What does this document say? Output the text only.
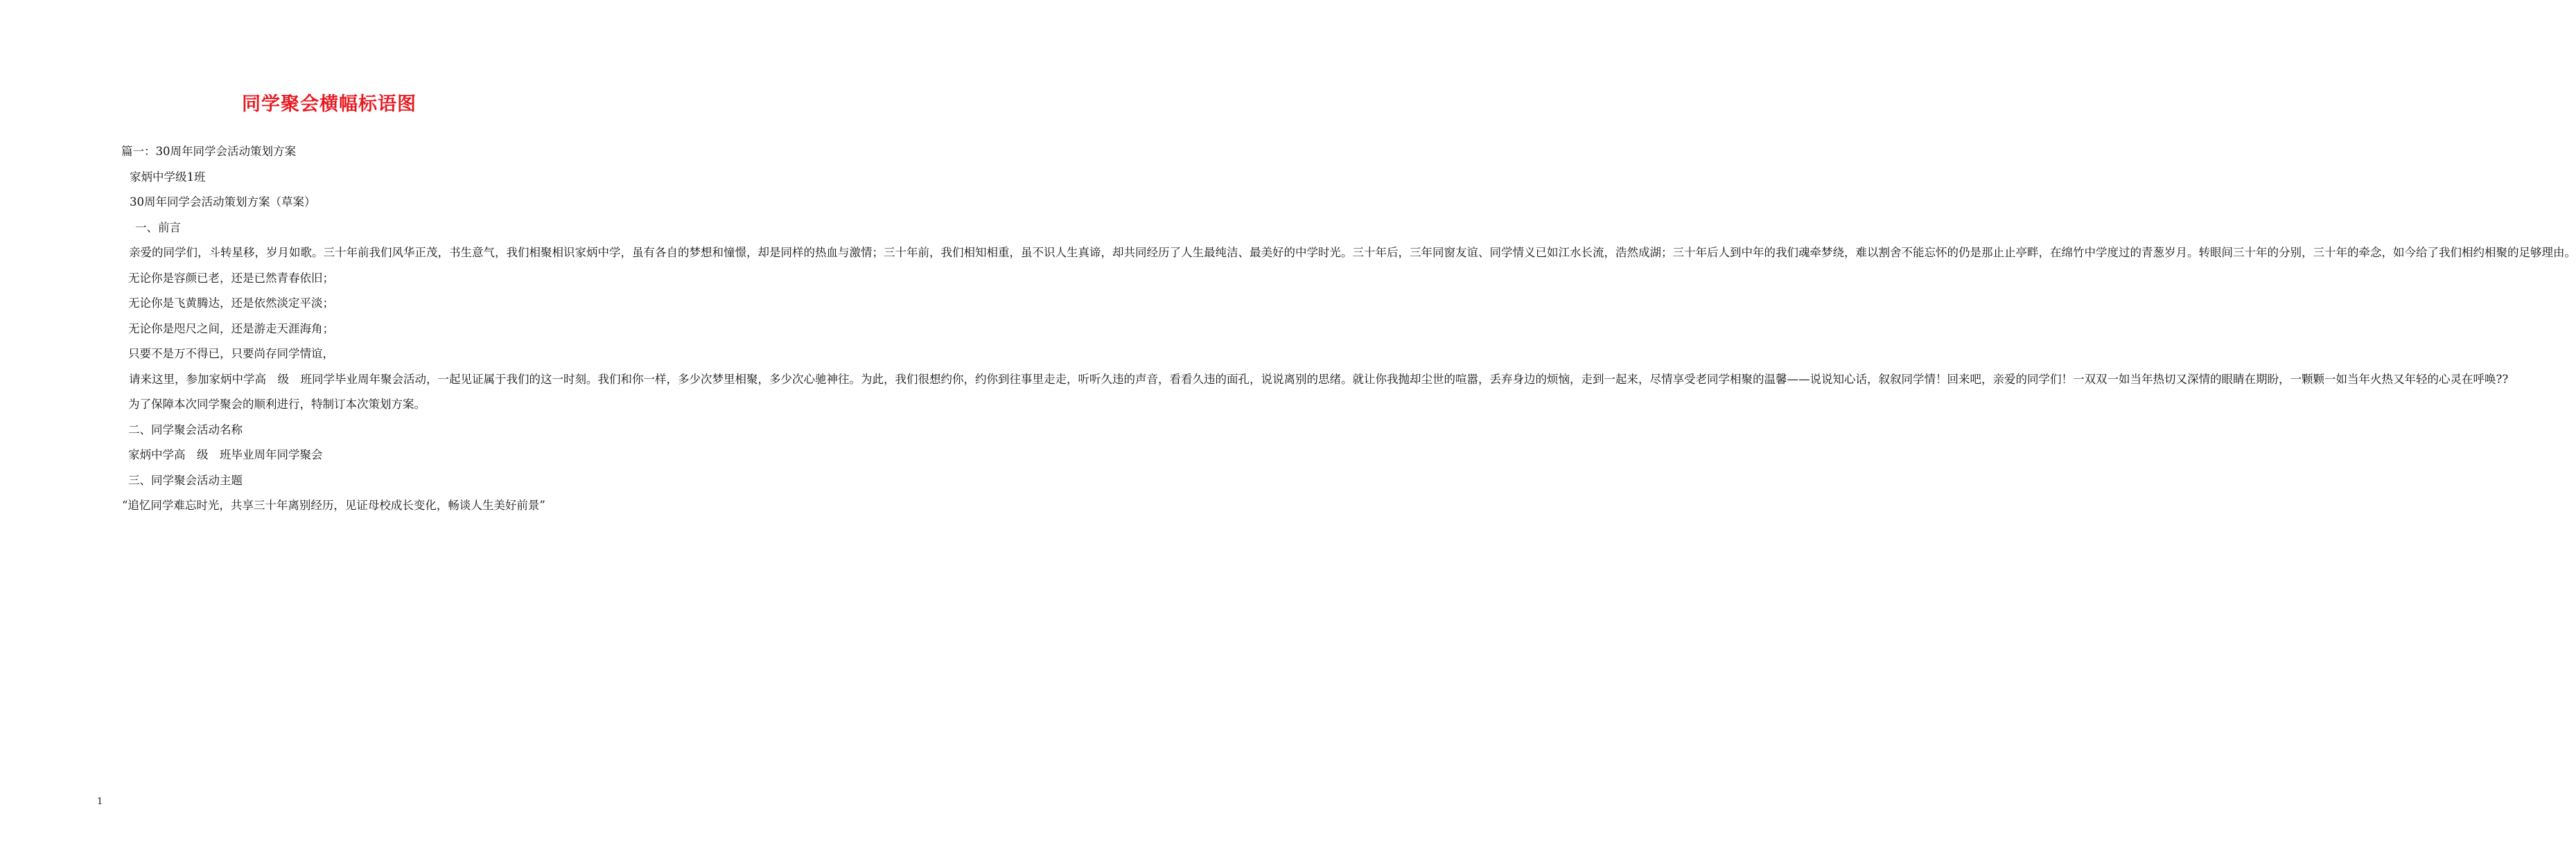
同学聚会横幅标语图

篇一：30周年同学会活动策划方案

家炳中学级1班

30周年同学会活动策划方案（草案）

一、前言

亲爱的同学们，斗转星移，岁月如歌。三十年前我们风华正茂，书生意气，我们相聚相识家炳中学，虽有各自的梦想和憧憬，却是同样的热血与激情；三十年前，我们相知相重，虽不识人生真谛，却共同经历了人生最纯洁、最美好的中学时光。三十年后，三年同窗友谊、同学情义已如江水长流，浩然成湖；三十年后人到中年的我们魂牵梦绕，难以割舍不能忘怀的仍是那止止亭畔，在绵竹中学度过的青葱岁月。转眼间三十年的分别，三十年的牵念，如今给了我们相约相聚的足够理由。

无论你是容颜已老，还是已然青春依旧；

无论你是飞黄腾达，还是依然淡定平淡；

无论你是咫尺之间，还是游走天涯海角；

只要不是万不得已，只要尚存同学情谊，

请来这里，参加家炳中学高　级　班同学毕业周年聚会活动，一起见证属于我们的这一时刻。我们和你一样，多少次梦里相聚，多少次心驰神往。为此，我们很想约你，约你到往事里走走，听听久违的声音，看看久违的面孔，说说离别的思绪。就让你我抛却尘世的喧嚣，丢弃身边的烦恼，走到一起来，尽情享受老同学相聚的温馨——说说知心话，叙叙同学情！回来吧，亲爱的同学们！一双双一如当年热切又深情的眼睛在期盼，一颗颗一如当年火热又年轻的心灵在呼唤??

为了保障本次同学聚会的顺利进行，特制订本次策划方案。

二、同学聚会活动名称

家炳中学高　级　班毕业周年同学聚会

三、同学聚会活动主题

“追忆同学难忘时光，共享三十年离别经历，见证母校成长变化，畅谈人生美好前景”

1
